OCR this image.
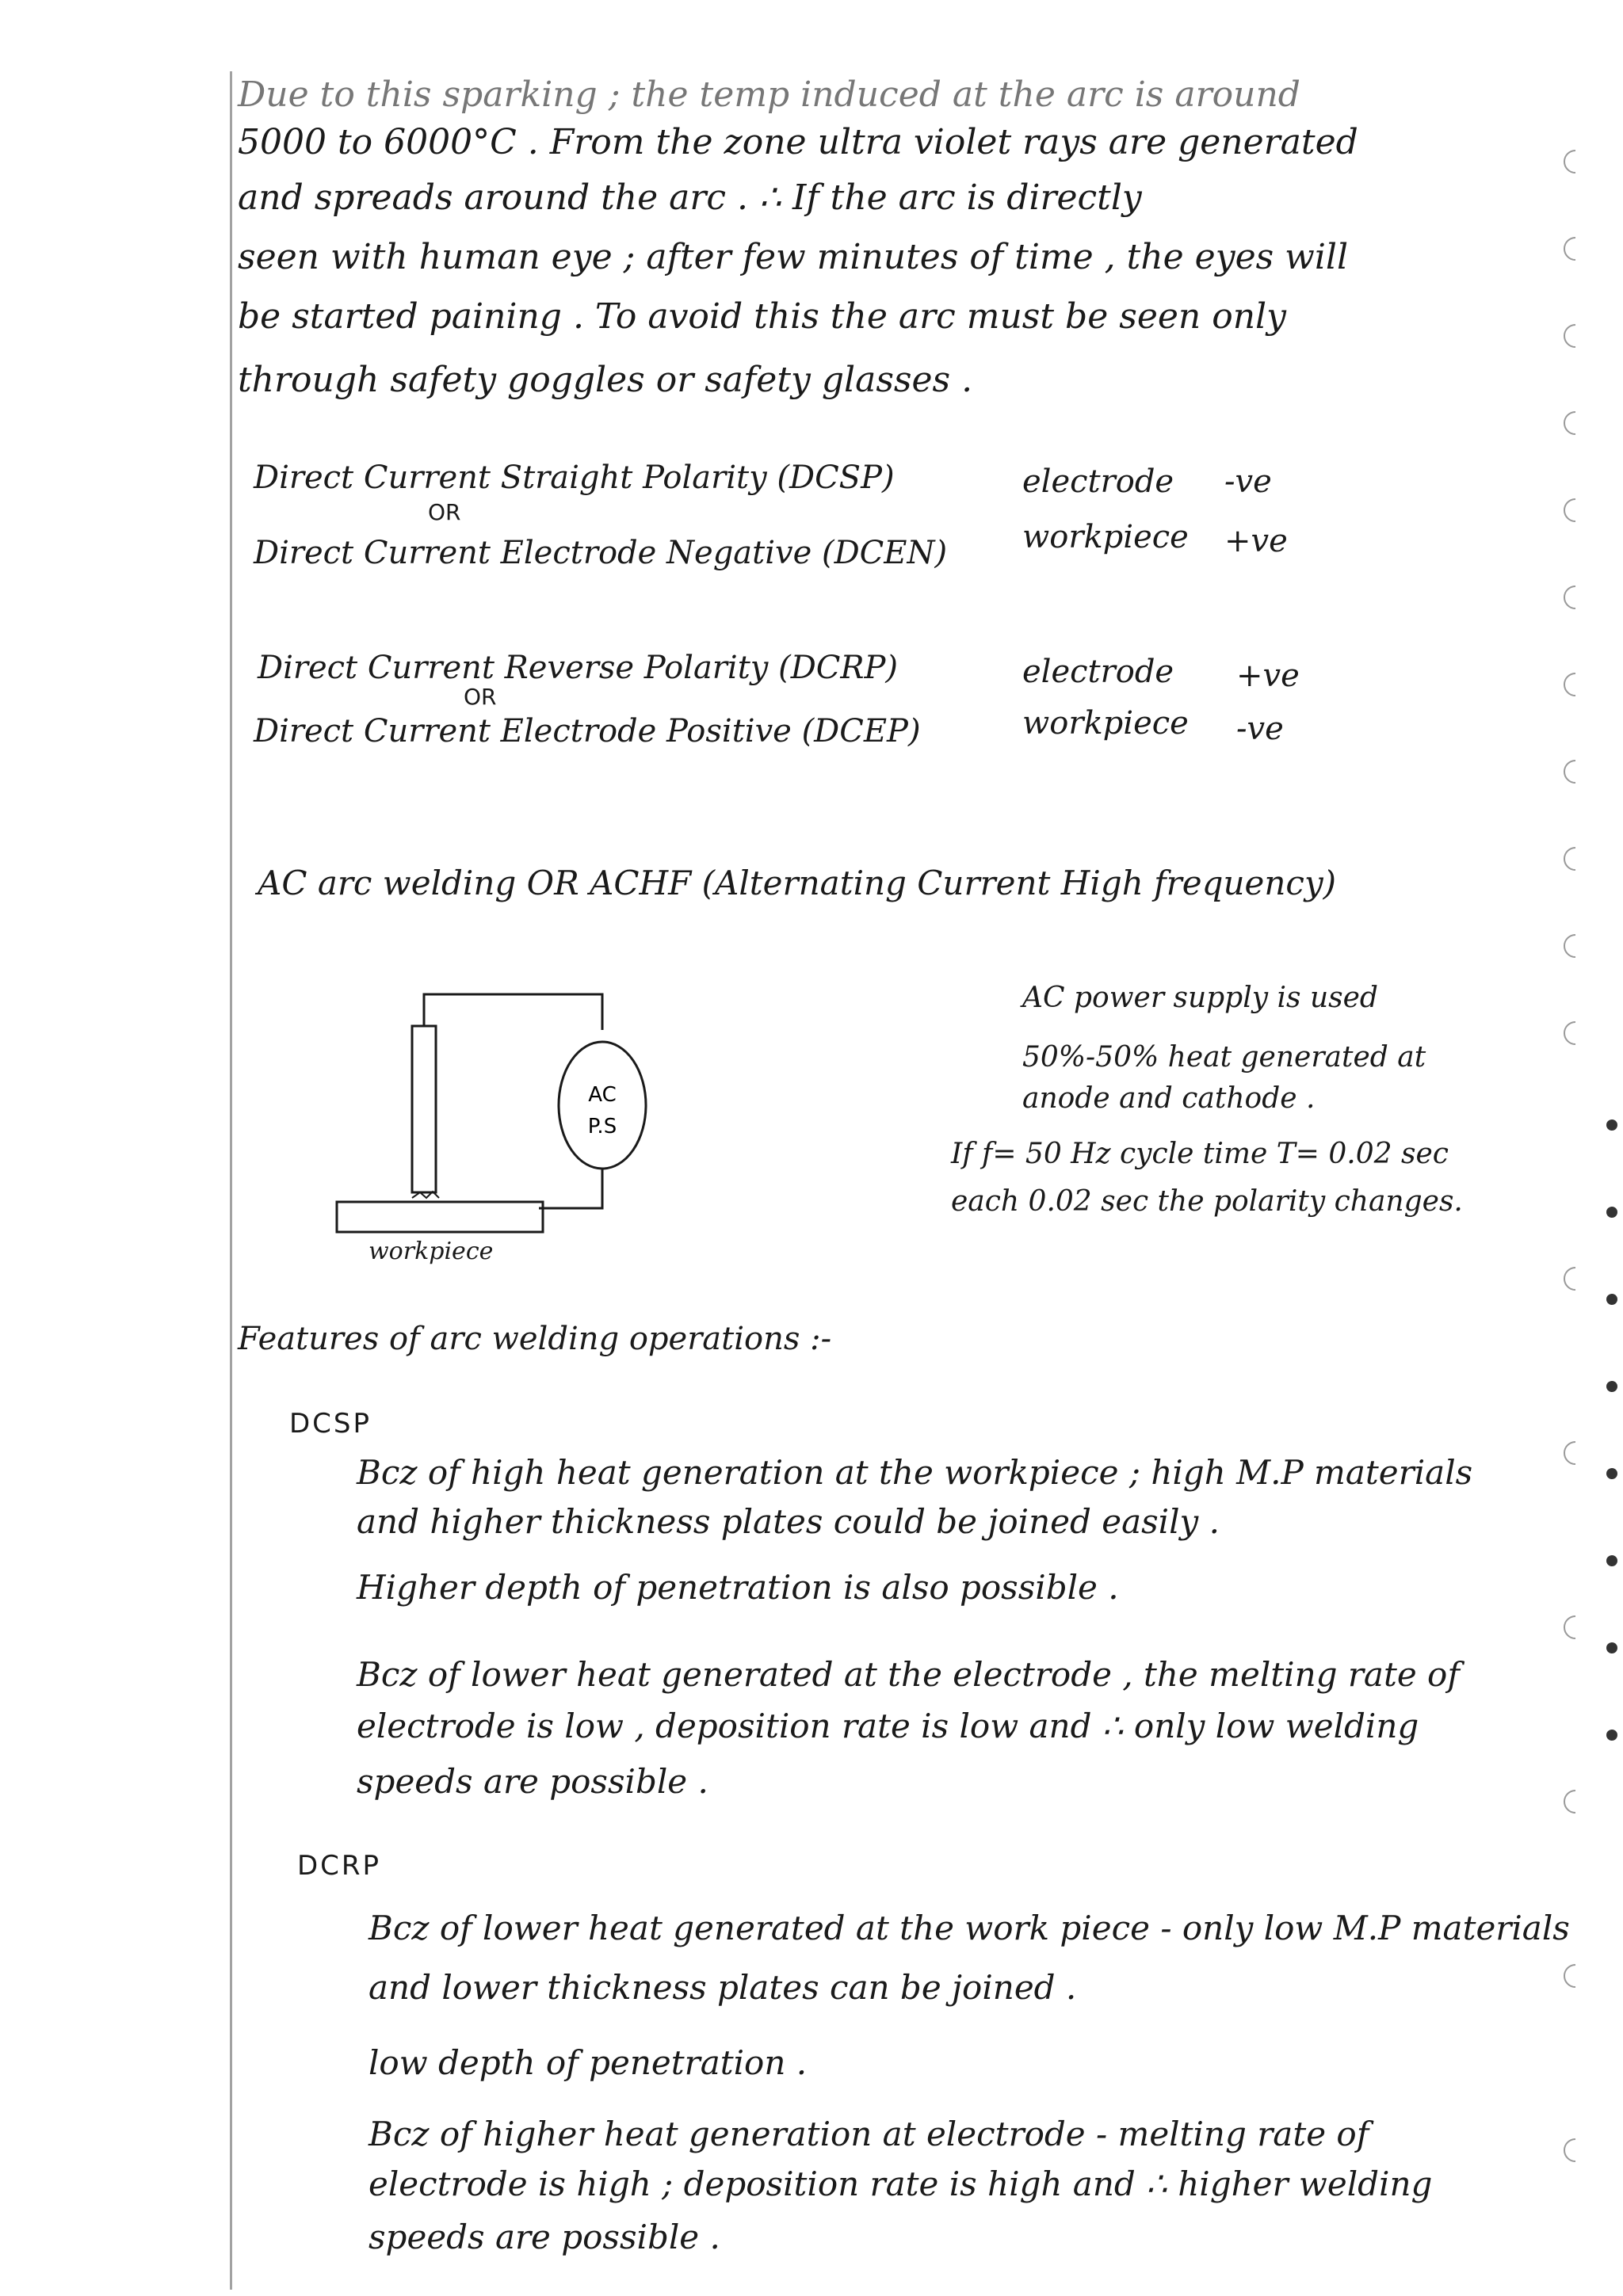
Due to this sparking ; the temp induced at the arc is around
5000 to 6000°C . From the zone ultra violet rays are generated
and spreads around the arc . ∴ If the arc is directly
seen with human eye ; after few minutes of time , the eyes will
be started paining . To avoid this the arc must be seen only
through safety goggles or safety glasses .
Direct Current Straight Polarity (DCSP)
OR
Direct Current Electrode Negative (DCEN)
electrode -ve
workpiece +ve
Direct Current Reverse Polarity (DCRP)
OR
Direct Current Electrode Positive (DCEP)
electrode +ve
workpiece -ve
AC arc welding OR ACHF (Alternating Current High frequency)
AC
P.S
workpiece
AC power supply is used
50%-50% heat generated at
anode and cathode .
If f= 50 Hz cycle time T= 0.02 sec
each 0.02 sec the polarity changes.
Features of arc welding operations :-
DCSP
Bcz of high heat generation at the workpiece ; high M.P materials
and higher thickness plates could be joined easily .
Higher depth of penetration is also possible .
Bcz of lower heat generated at the electrode , the melting rate of
electrode is low , deposition rate is low and ∴ only low welding
speeds are possible .
DCRP
Bcz of lower heat generated at the work piece - only low M.P materials
and lower thickness plates can be joined .
low depth of penetration .
Bcz of higher heat generation at electrode - melting rate of
electrode is high ; deposition rate is high and ∴ higher welding
speeds are possible .
